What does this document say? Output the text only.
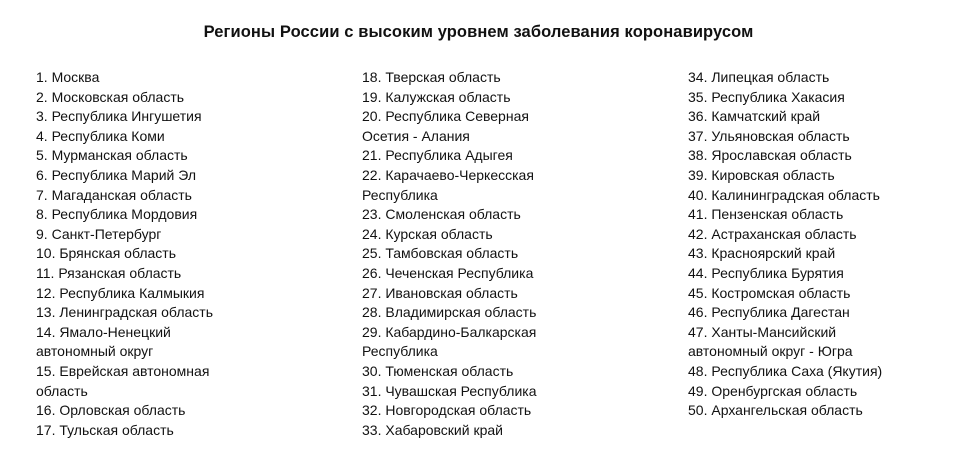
Регионы России с высоким уровнем заболевания коронавирусом
1. Москва
2. Московская область
3. Республика Ингушетия
4. Республика Коми
5. Мурманская область
6. Республика Марий Эл
7. Магаданская область
8. Республика Мордовия
9. Санкт-Петербург
10. Брянская область
11. Рязанская область
12. Республика Калмыкия
13. Ленинградская область
14. Ямало-Ненецкий автономный округ
15. Еврейская автономная область
16. Орловская область
17. Тульская область
18. Тверская область
19. Калужская область
20. Республика Северная Осетия - Алания
21. Республика Адыгея
22. Карачаево-Черкесская Республика
23. Смоленская область
24. Курская область
25. Тамбовская область
26. Чеченская Республика
27. Ивановская область
28. Владимирская область
29. Кабардино-Балкарская Республика
30. Тюменская область
31. Чувашская Республика
32. Новгородская область
33. Хабаровский край
34. Липецкая область
35. Республика Хакасия
36. Камчатский край
37. Ульяновская область
38. Ярославская область
39. Кировская область
40. Калининградская область
41. Пензенская область
42. Астраханская область
43. Красноярский край
44. Республика Бурятия
45. Костромская область
46. Республика Дагестан
47. Ханты-Мансийский автономный округ - Югра
48. Республика Саха (Якутия)
49. Оренбургская область
50. Архангельская область
